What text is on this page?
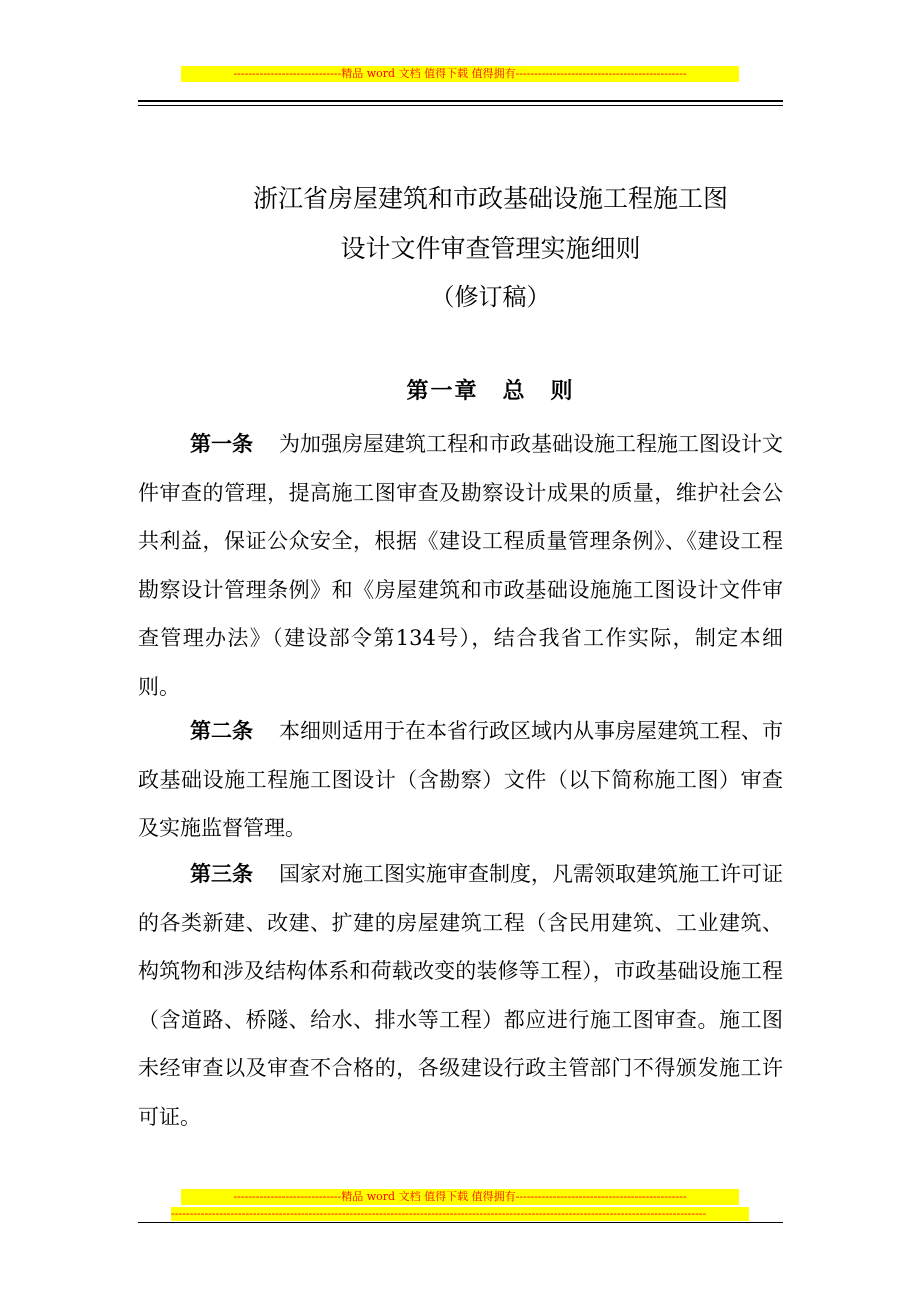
-----------------------------精品 word 文档 值得下载 值得拥有----------------------------------------------
浙江省房屋建筑和市政基础设施工程施工图
设计文件审查管理实施细则
（修订稿）
第一章　总　则

第一条 为加强房屋建筑工程和市政基础设施工程施工图设计文件审查的管理，提高施工图审查及勘察设计成果的质量，维护社会公共利益，保证公众安全，根据《建设工程质量管理条例》、《建设工程勘察设计管理条例》和《房屋建筑和市政基础设施施工图设计文件审查管理办法》（建设部令第134号），结合我省工作实际，制定本细则。

第二条 本细则适用于在本省行政区域内从事房屋建筑工程、市政基础设施工程施工图设计（含勘察）文件（以下简称施工图）审查及实施监督管理。

第三条 国家对施工图实施审查制度，凡需领取建筑施工许可证的各类新建、改建、扩建的房屋建筑工程（含民用建筑、工业建筑、构筑物和涉及结构体系和荷载改变的装修等工程），市政基础设施工程（含道路、桥隧、给水、排水等工程）都应进行施工图审查。施工图未经审查以及审查不合格的，各级建设行政主管部门不得颁发施工许可证。

-----------------------------精品 word 文档 值得下载 值得拥有----------------------------------------------
------------------------------------------------------------------------------------------------------------------------------------------------
